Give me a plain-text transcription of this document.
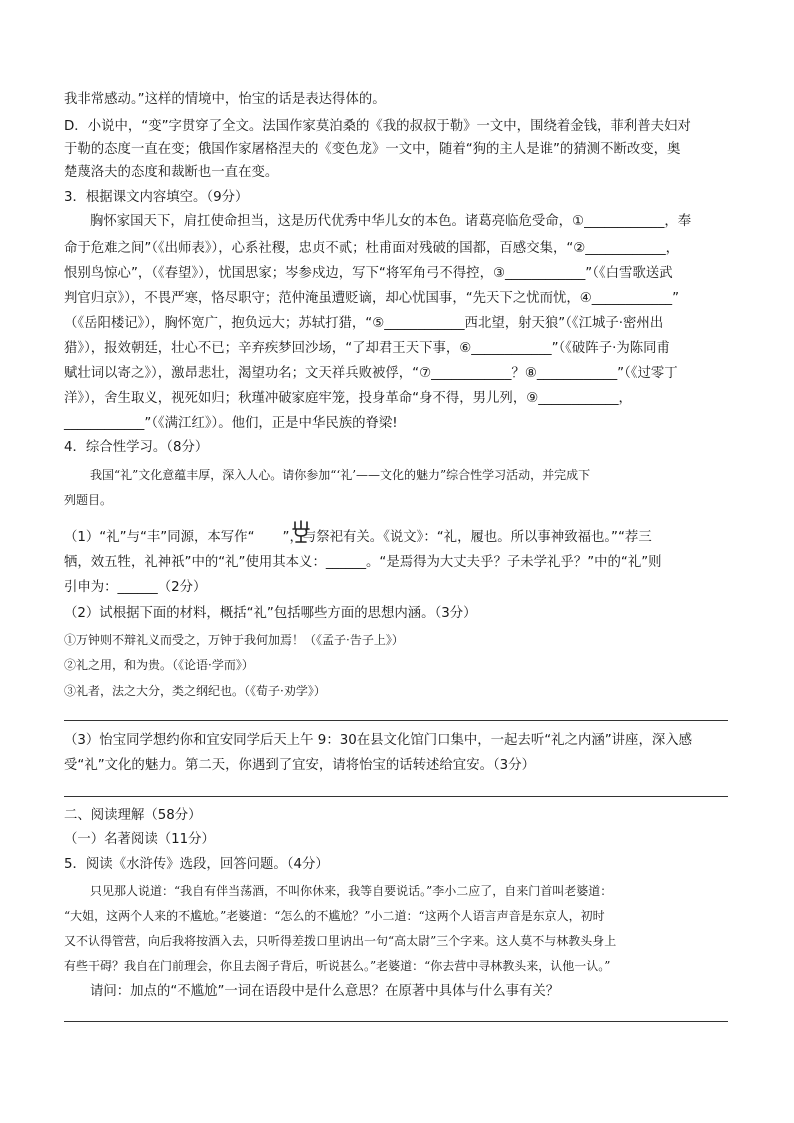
我非常感动。”这样的情境中，怡宝的话是表达得体的。
D．小说中，“变”字贯穿了全文。法国作家莫泊桑的《我的叔叔于勒》一文中，围绕着金钱，菲利普夫妇对
于勒的态度一直在变；俄国作家屠格涅夫的《变色龙》一文中，随着“狗的主人是谁”的猜测不断改变，奥
楚蔑洛夫的态度和裁断也一直在变。
3．根据课文内容填空。（9分）
胸怀家国天下，肩扛使命担当，这是历代优秀中华儿女的本色。诸葛亮临危受命，①____________，奉
命于危难之间”（《出师表》），心系社稷，忠贞不贰；杜甫面对残破的国都，百感交集，“②____________，
恨别鸟惊心”，（《春望》），忧国思家；岑参戍边，写下“将军角弓不得控，③____________”（《白雪歌送武
判官归京》），不畏严寒，恪尽职守；范仲淹虽遭贬谪，却心忧国事，“先天下之忧而忧，④____________”
（《岳阳楼记》），胸怀宽广，抱负远大；苏轼打猎，“⑤____________西北望，射天狼”（《江城子·密州出
猎》），报效朝廷，壮心不已；辛弃疾梦回沙场，“了却君王天下事，⑥____________”（《破阵子·为陈同甫
赋壮词以寄之》），激昂悲壮，渴望功名；文天祥兵败被俘，“⑦____________？⑧____________”（《过零丁
洋》），舍生取义，视死如归；秋瑾冲破家庭牢笼，投身革命“身不得，男儿列，⑨____________，
____________”（《满江红》）。他们，正是中华民族的脊梁!
4．综合性学习。（8分）
我国“礼”文化意蕴丰厚，深入人心。请你参加“‘礼’——文化的魅力”综合性学习活动，并完成下
列题目。
（1）“礼”与“丰”同源，本写作“ ”，与祭祀有关。《说文》：“礼，履也。所以事神致福也。”“荐三
牺，效五牲，礼神祇”中的“礼”使用其本义：______。“是焉得为大丈夫乎？子未学礼乎？”中的“礼”则
引申为：______（2分）
（2）试根据下面的材料，概括“礼”包括哪些方面的思想内涵。（3分）
①万钟则不辩礼义而受之，万钟于我何加焉！（《孟子·告子上》）
②礼之用，和为贵。（《论语·学而》）
③礼者，法之大分，类之纲纪也。（《荀子·劝学》）
（3）怡宝同学想约你和宜安同学后天上午 9：30在县文化馆门口集中，一起去听“礼之内涵”讲座，深入感
受“礼”文化的魅力。第二天，你遇到了宜安，请将怡宝的话转述给宜安。（3分）
二、阅读理解（58分）
（一）名著阅读（11分）
5．阅读《水浒传》选段，回答问题。（4分）
只见那人说道：“我自有伴当荡酒，不叫你休来，我等自要说话。”李小二应了，自来门首叫老婆道：
“大姐，这两个人来的不尴尬。”老婆道：“怎么的不尴尬？”小二道：“这两个人语言声音是东京人，初时
又不认得管营，向后我将按酒入去，只听得差拨口里讷出一句“高太尉”三个字来。这人莫不与林教头身上
有些干碍？我自在门前理会，你且去阁子背后，听说甚么。”老婆道：“你去营中寻林教头来，认他一认。”
请问：加点的“不尴尬”一词在语段中是什么意思？在原著中具体与什么事有关？
